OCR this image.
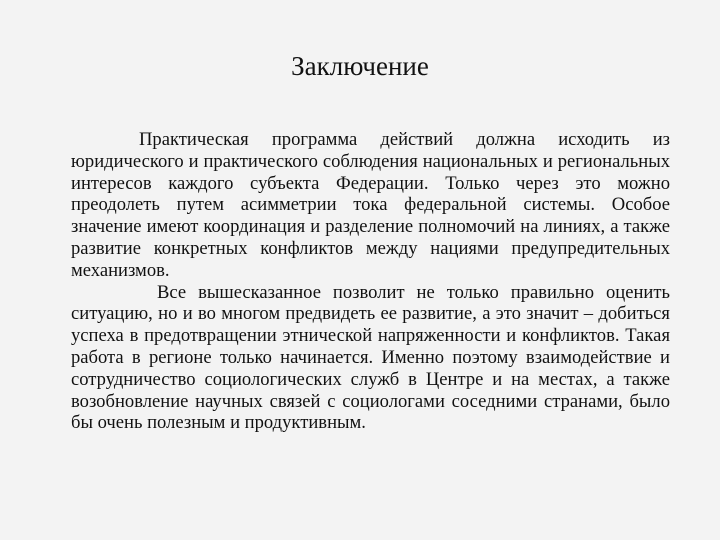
Заключение

Практическая программа действий должна исходить из юридического и практического соблюдения национальных и региональных интересов каждого субъекта Федерации. Только через это можно преодолеть путем асимметрии тока федеральной системы. Особое значение имеют координация и разделение полномочий на линиях, а также развитие конкретных конфликтов между нациями предупредительных механизмов.

Все вышесказанное позволит не только правильно оценить ситуацию, но и во многом предвидеть ее развитие, а это значит – добиться успеха в предотвращении этнической напряженности и конфликтов. Такая работа в регионе только начинается. Именно поэтому взаимодействие и сотрудничество социологических служб в Центре и на местах, а также возобновление научных связей с социологами соседними странами, было бы очень полезным и продуктивным.
